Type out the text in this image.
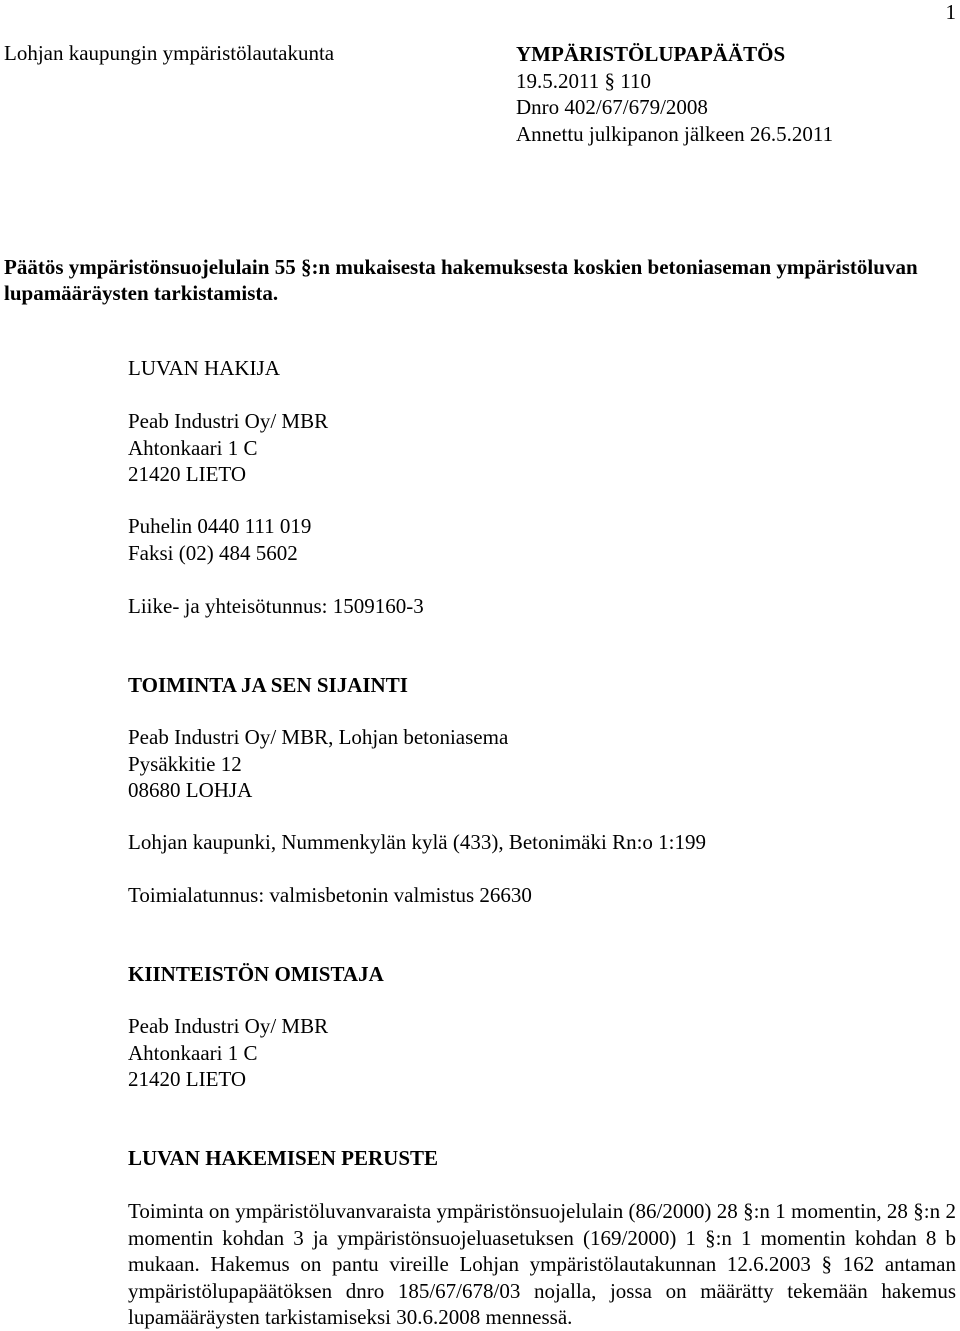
1
Lohjan kaupungin ympäristölautakunta	YMPÄRISTÖLUPAPÄÄTÖS
19.5.2011 § 110
Dnro 402/67/679/2008
Annettu julkipanon jälkeen 26.5.2011
Päätös ympäristönsuojelulain 55 §:n mukaisesta hakemuksesta koskien betoniaseman ympäristöluvan lupamääräysten tarkistamista.
LUVAN HAKIJA
Peab Industri Oy/ MBR
Ahtonkaari 1 C
21420 LIETO
Puhelin 0440 111 019
Faksi (02) 484 5602
Liike- ja yhteisötunnus: 1509160-3
TOIMINTA JA SEN SIJAINTI
Peab Industri Oy/ MBR, Lohjan betoniasema
Pysäkkitie 12
08680 LOHJA
Lohjan kaupunki, Nummenkylän kylä (433), Betonimäki Rn:o 1:199
Toimialatunnus: valmisbetonin valmistus 26630
KIINTEISTÖN OMISTAJA
Peab Industri Oy/ MBR
Ahtonkaari 1 C
21420 LIETO
LUVAN HAKEMISEN PERUSTE
Toiminta on ympäristöluvanvaraista ympäristönsuojelulain (86/2000) 28 §:n 1 momentin, 28 §:n 2 momentin kohdan 3 ja ympäristönsuojeluasetuksen (169/2000) 1 §:n 1 momentin kohdan 8 b mukaan. Hakemus on pantu vireille Lohjan ympäristölautakunnan 12.6.2003 § 162 antaman ympäristölupapäätöksen dnro 185/67/678/03 nojalla, jossa on määrätty tekemään hakemus lupamääräysten tarkistamiseksi 30.6.2008 mennessä.
